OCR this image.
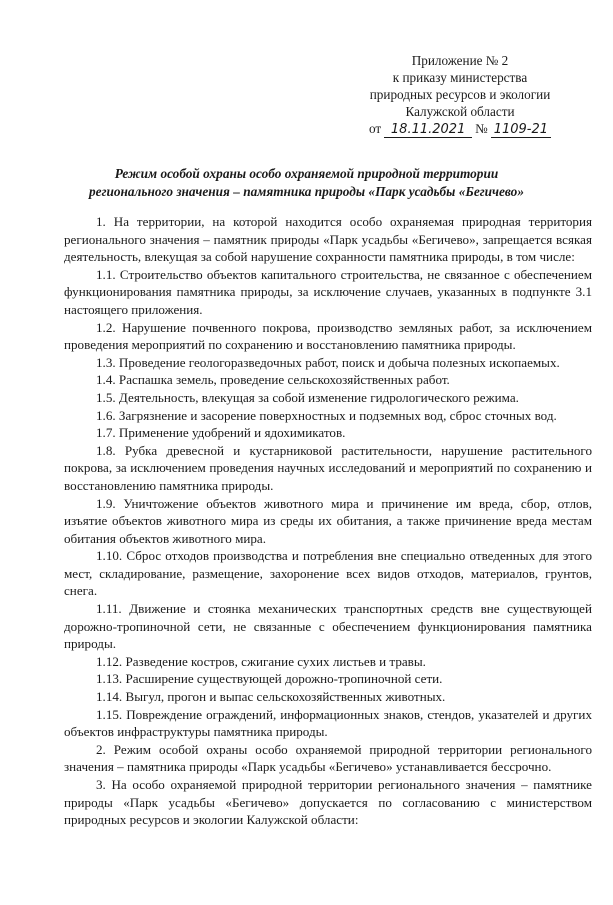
Приложение № 2
к приказу министерства
природных ресурсов и экологии
Калужской области
от 18.11.2021 № 1109-21
Режим особой охраны особо охраняемой природной территории
регионального значения – памятника природы «Парк усадьбы «Бегичево»

1. На территории, на которой находится особо охраняемая природная территория регионального значения – памятник природы «Парк усадьбы «Бегичево», запрещается всякая деятельность, влекущая за собой нарушение сохранности памятника природы, в том числе:

1.1. Строительство объектов капитального строительства, не связанное с обеспечением функционирования памятника природы, за исключение случаев, указанных в подпункте 3.1 настоящего приложения.

1.2. Нарушение почвенного покрова, производство земляных работ, за исключением проведения мероприятий по сохранению и восстановлению памятника природы.

1.3. Проведение геологоразведочных работ, поиск и добыча полезных ископаемых.

1.4. Распашка земель, проведение сельскохозяйственных работ.

1.5. Деятельность, влекущая за собой изменение гидрологического режима.

1.6. Загрязнение и засорение поверхностных и подземных вод, сброс сточных вод.

1.7. Применение удобрений и ядохимикатов.

1.8. Рубка древесной и кустарниковой растительности, нарушение растительного покрова, за исключением проведения научных исследований и мероприятий по сохранению и восстановлению памятника природы.

1.9. Уничтожение объектов животного мира и причинение им вреда, сбор, отлов, изъятие объектов животного мира из среды их обитания, а также причинение вреда местам обитания объектов животного мира.

1.10. Сброс отходов производства и потребления вне специально отведенных для этого мест, складирование, размещение, захоронение всех видов отходов, материалов, грунтов, снега.

1.11. Движение и стоянка механических транспортных средств вне существующей дорожно-тропиночной сети, не связанные с обеспечением функционирования памятника природы.

1.12. Разведение костров, сжигание сухих листьев и травы.

1.13. Расширение существующей дорожно-тропиночной сети.

1.14. Выгул, прогон и выпас сельскохозяйственных животных.

1.15. Повреждение ограждений, информационных знаков, стендов, указателей и других объектов инфраструктуры памятника природы.

2. Режим особой охраны особо охраняемой природной территории регионального значения – памятника природы «Парк усадьбы «Бегичево» устанавливается бессрочно.

3. На особо охраняемой природной территории регионального значения – памятнике природы «Парк усадьбы «Бегичево» допускается по согласованию с министерством природных ресурсов и экологии Калужской области:
